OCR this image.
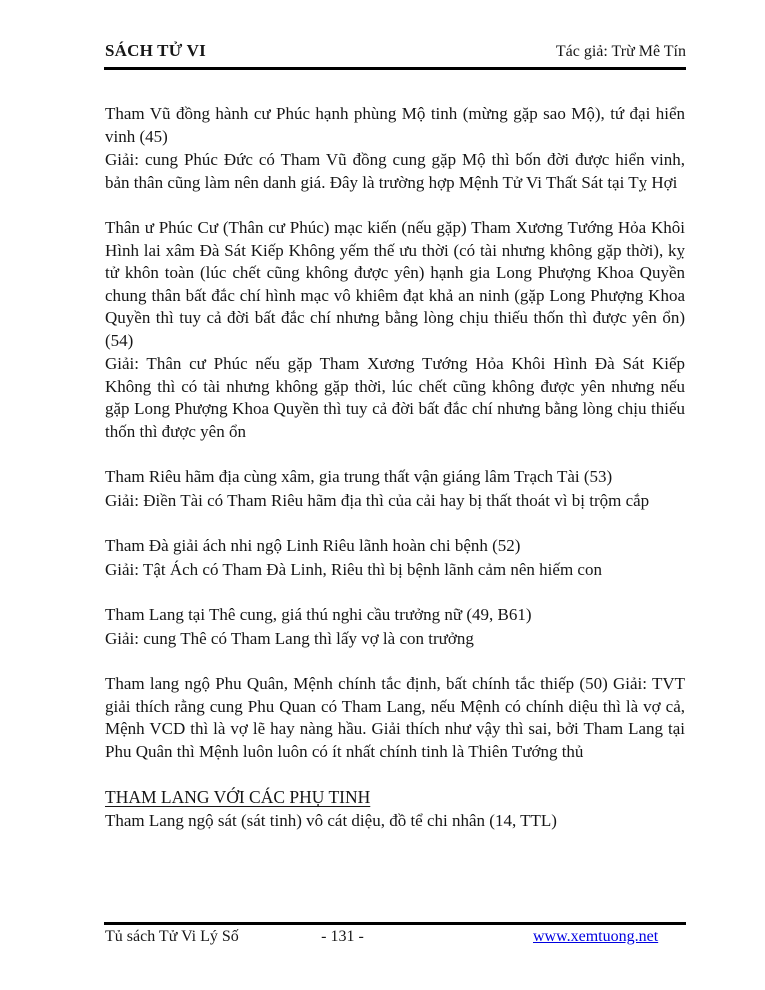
SÁCH TỬ VI	Tác giả: Trừ Mê Tín

Tham Vũ đồng hành cư Phúc hạnh phùng Mộ tinh (mừng gặp sao Mộ), tứ đại hiển vinh (45)

Giải: cung Phúc Đức có Tham Vũ đồng cung gặp Mộ thì bốn đời được hiển vinh, bản thân cũng làm nên danh giá. Đây là trường hợp Mệnh Tử Vi Thất Sát tại Tỵ Hợi

Thân ư Phúc Cư (Thân cư Phúc) mạc kiến (nếu gặp) Tham Xương Tướng Hỏa Khôi Hình lai xâm Đà Sát Kiếp Không yếm thế ưu thời (có tài nhưng không gặp thời), kỵ tử khôn toàn (lúc chết cũng không được yên) hạnh gia Long Phượng Khoa Quyền chung thân bất đắc chí hình mạc vô khiêm đạt khả an ninh (gặp Long Phượng Khoa Quyền thì tuy cả đời bất đắc chí nhưng bằng lòng chịu thiếu thốn thì được yên ổn) (54)

Giải: Thân cư Phúc nếu gặp Tham Xương Tướng Hỏa Khôi Hình Đà Sát Kiếp Không thì có tài nhưng không gặp thời, lúc chết cũng không được yên nhưng nếu gặp Long Phượng Khoa Quyền thì tuy cả đời bất đắc chí nhưng bằng lòng chịu thiếu thốn thì được yên ổn

Tham Riêu hãm địa cùng xâm, gia trung thất vận giáng lâm Trạch Tài (53)

Giải: Điền Tài có Tham Riêu hãm địa thì của cải hay bị thất thoát vì bị trộm cắp

Tham Đà giải ách nhi ngộ Linh Riêu lãnh hoàn chi bệnh (52)

Giải: Tật Ách có Tham Đà Linh, Riêu thì bị bệnh lãnh cảm nên hiếm con

Tham Lang tại Thê cung, giá thú nghi cầu trưởng nữ (49, B61)

Giải: cung Thê có Tham Lang thì lấy vợ là con trưởng

Tham lang ngộ Phu Quân, Mệnh chính tắc định, bất chính tắc thiếp (50) Giải: TVT giải thích rằng cung Phu Quan có Tham Lang, nếu Mệnh có chính diệu thì là vợ cả, Mệnh VCD thì là vợ lẽ hay nàng hầu. Giải thích như vậy thì sai, bởi Tham Lang tại Phu Quân thì Mệnh luôn luôn có ít nhất chính tinh là Thiên Tướng thủ

THAM LANG VỚI CÁC PHỤ TINH

Tham Lang ngộ sát (sát tinh) vô cát diệu, đồ tể chi nhân (14, TTL)

Tủ sách Tử Vi Lý Số	- 131 -	www.xemtuong.net
